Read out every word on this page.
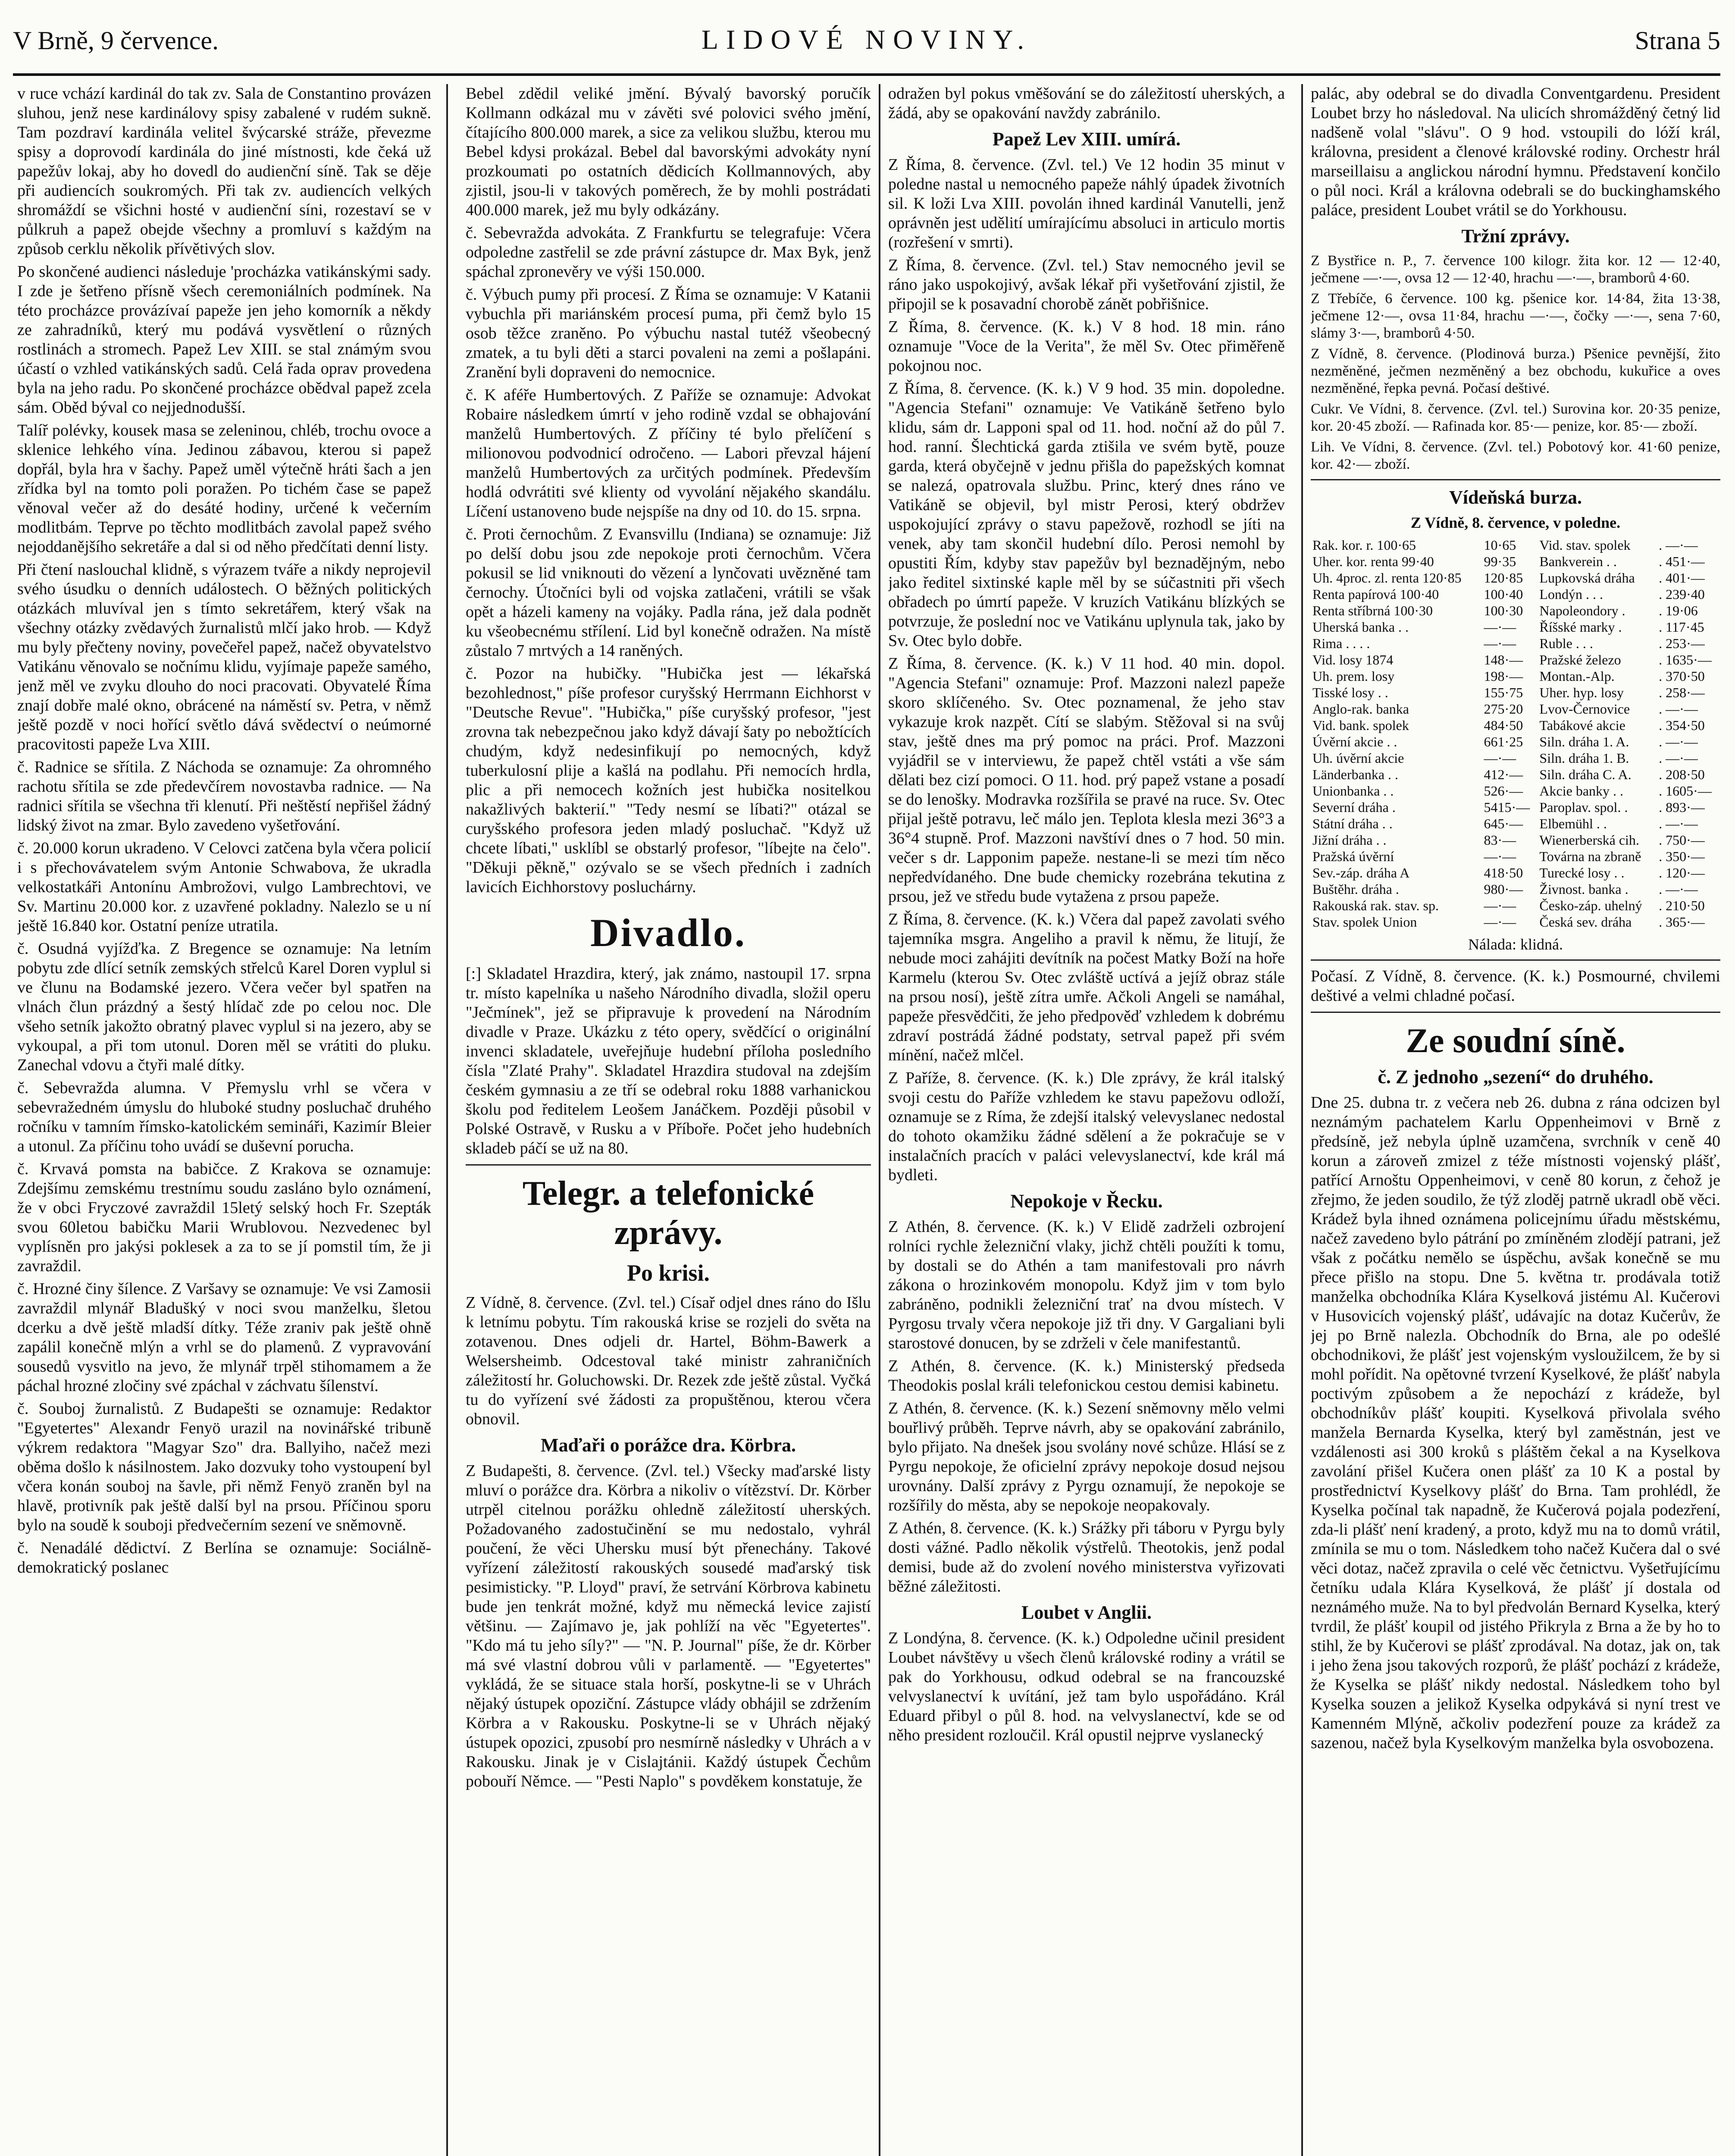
V Brně, 9 července.	LIDOVÉ NOVINY.	Strana 5

v ruce vchází kardinál do tak zv. Sala de Constantino provázen sluhou, jenž nese kardinálovy spisy zabalené v rudém sukně. Tam pozdraví kardinála velitel švýcarské stráže, převezme spisy a doprovodí kardinála do jiné místnosti, kde čeká už papežův lokaj, aby ho dovedl do audienční síně. Tak se děje při audiencích soukromých. Při tak zv. audiencích velkých shromáždí se všichni hosté v audienční síni, rozestaví se v půlkruh a papež obejde všechny a promluví s každým na způsob cerklu několik přívětivých slov.

Po skončené audienci následuje 'procházka vatikánskými sady. I zde je šetřeno přísně všech ceremoniálních podmínek. Na této procházce provázívaí papeže jen jeho komorník a někdy ze zahradníků, který mu podává vysvětlení o různých rostlinách a stromech. Papež Lev XIII. se stal známým svou účastí o vzhled vatikánských sadů. Celá řada oprav provedena byla na jeho radu. Po skončené procházce obědval papež zcela sám. Oběd býval co nejjednodušší.

Talíř polévky, kousek masa se zeleninou, chléb, trochu ovoce a sklenice lehkého vína. Jedinou zábavou, kterou si papež dopřál, byla hra v šachy. Papež uměl výtečně hráti šach a jen zřídka byl na tomto poli poražen. Po tichém čase se papež věnoval večer až do desáté hodiny, určené k večerním modlitbám. Teprve po těchto modlitbách zavolal papež svého nejoddanějšího sekretáře a dal si od něho předčítati denní listy.

Při čtení naslouchal klidně, s výrazem tváře a nikdy neprojevil svého úsudku o denních událostech. O běžných politických otázkách mluvíval jen s tímto sekretářem, který však na všechny otázky zvědavých žurnalistů mlčí jako hrob. — Když mu byly přečteny noviny, povečeřel papež, načež obyvatelstvo Vatikánu věnovalo se nočnímu klidu, vyjímaje papeže samého, jenž měl ve zvyku dlouho do noci pracovati. Obyvatelé Říma znají dobře malé okno, obrácené na náměstí sv. Petra, v němž ještě pozdě v noci hořící světlo dává svědectví o neúmorné pracovitosti papeže Lva XIII.

č. Radnice se sřítila. Z Náchoda se oznamuje: Za ohromného rachotu sřítila se zde předevčírem novostavba radnice. — Na radnici sřítila se všechna tři klenutí. Při neštěstí nepřišel žádný lidský život na zmar. Bylo zavedeno vyšetřování.

č. 20.000 korun ukradeno. V Celovci zatčena byla včera policií i s přechovávatelem svým Antonie Schwabova, že ukradla velkostatkáři Antonínu Ambrožovi, vulgo Lambrechtovi, ve Sv. Martinu 20.000 kor. z uzavřené pokladny. Nalezlo se u ní ještě 16.840 kor. Ostatní peníze utratila.

č. Osudná vyjížďka. Z Bregence se oznamuje: Na letním pobytu zde dlící setník zemských střelců Karel Doren vyplul si ve člunu na Bodamské jezero. Včera večer byl spatřen na vlnách člun prázdný a šestý hlídač zde po celou noc. Dle všeho setník jakožto obratný plavec vyplul si na jezero, aby se vykoupal, a při tom utonul. Doren měl se vrátiti do pluku. Zanechal vdovu a čtyři malé dítky.

č. Sebevražda alumna. V Přemyslu vrhl se včera v sebevražedném úmyslu do hluboké studny posluchač druhého ročníku v tamním římsko-katolickém semináři, Kazimír Bleier a utonul. Za příčinu toho uvádí se duševní porucha.

č. Krvavá pomsta na babičce. Z Krakova se oznamuje: Zdejšímu zemskému trestnímu soudu zasláno bylo oznámení, že v obci Fryczové zavraždil 15letý selský hoch Fr. Szepták svou 60letou babičku Marii Wrublovou. Nezvedenec byl vyplísněn pro jakýsi poklesek a za to se jí pomstil tím, že ji zavraždil.

č. Hrozné činy šílence. Z Varšavy se oznamuje: Ve vsi Zamosii zavraždil mlynář Bladušký v noci svou manželku, šletou dcerku a dvě ještě mladší dítky. Téže zraniv pak ještě ohně zapálil konečně mlýn a vrhl se do plamenů. Z vypravování sousedů vysvitlo na jevo, že mlynář trpěl stihomamem a že páchal hrozné zločiny své zpáchal v záchvatu šílenství.

č. Souboj žurnalistů. Z Budapešti se oznamuje: Redaktor "Egyetertes" Alexandr Fenyö urazil na novinářské tribuně výkrem redaktora "Magyar Szo" dra. Ballyiho, načež mezi oběma došlo k násilnostem. Jako dozvuky toho vystoupení byl včera konán souboj na šavle, při němž Fenyö zraněn byl na hlavě, protivník pak ještě další byl na prsou. Příčinou sporu bylo na soudě k souboji předvečerním sezení ve sněmovně.

č. Nenadálé dědictví. Z Berlína se oznamuje: Sociálně-demokratický poslanec

Bebel zdědil veliké jmění. Bývalý bavorský poručík Kollmann odkázal mu v závěti své polovici svého jmění, čítajícího 800.000 marek, a sice za velikou službu, kterou mu Bebel kdysi prokázal. Bebel dal bavorskými advokáty nyní prozkoumati po ostatních dědicích Kollmannových, aby zjistil, jsou-li v takových poměrech, že by mohli postrádati 400.000 marek, jež mu byly odkázány.

č. Sebevražda advokáta. Z Frankfurtu se telegrafuje: Včera odpoledne zastřelil se zde právní zástupce dr. Max Byk, jenž spáchal zpronevěry ve výši 150.000.

č. Výbuch pumy při procesí. Z Říma se oznamuje: V Katanii vybuchla při mariánském procesí puma, při čemž bylo 15 osob těžce zraněno. Po výbuchu nastal tutéž všeobecný zmatek, a tu byli děti a starci povaleni na zemi a pošlapáni. Zranění byli dopraveni do nemocnice.

č. K aféře Humbertových. Z Paříže se oznamuje: Advokat Robaire následkem úmrtí v jeho rodině vzdal se obhajování manželů Humbertových. Z příčiny té bylo přelíčení s milionovou podvodnicí odročeno. — Labori převzal hájení manželů Humbertových za určitých podmínek. Především hodlá odvrátiti své klienty od vyvolání nějakého skandálu. Líčení ustanoveno bude nejspíše na dny od 10. do 15. srpna.

č. Proti černochům. Z Evansvillu (Indiana) se oznamuje: Již po delší dobu jsou zde nepokoje proti černochům. Včera pokusil se lid vniknouti do vězení a lynčovati uvězněné tam černochy. Útočníci byli od vojska zatlačeni, vrátili se však opět a házeli kameny na vojáky. Padla rána, jež dala podnět ku všeobecnému střílení. Lid byl konečně odražen. Na místě zůstalo 7 mrtvých a 14 raněných.

č. Pozor na hubičky. "Hubička jest — lékařská bezohlednost," píše profesor curyšský Herrmann Eichhorst v "Deutsche Revue". "Hubička," píše curyšský profesor, "jest zrovna tak nebezpečnou jako když dávají šaty po nebožtících chudým, když nedesinfikují po nemocných, když tuberkulosní plije a kašlá na podlahu. Při nemocích hrdla, plic a při nemocech kožních jest hubička nositelkou nakažlivých bakterií." "Tedy nesmí se líbati?" otázal se curyšského profesora jeden mladý posluchač. "Když už chcete líbati," usklíbl se obstarlý profesor, "líbejte na čelo". "Děkuji pěkně," ozývalo se se všech předních i zadních lavicích Eichhorstovy posluchárny.

Divadlo.

[:] Skladatel Hrazdira, který, jak známo, nastoupil 17. srpna tr. místo kapelníka u našeho Národního divadla, složil operu "Ječmínek", jež se připravuje k provedení na Národním divadle v Praze. Ukázku z této opery, svědčící o originální invenci skladatele, uveřejňuje hudební příloha posledního čísla "Zlaté Prahy". Skladatel Hrazdira studoval na zdejším českém gymnasiu a ze tří se odebral roku 1888 varhanickou školu pod ředitelem Leošem Janáčkem. Později působil v Polské Ostravě, v Rusku a v Příboře. Počet jeho hudebních skladeb páčí se už na 80.

Telegr. a telefonické zprávy.
Po krisi.

Z Vídně, 8. července. (Zvl. tel.) Císař odjel dnes ráno do Išlu k letnímu pobytu. Tím rakouská krise se rozjeli do světa na zotavenou. Dnes odjeli dr. Hartel, Böhm-Bawerk a Welsersheimb. Odcestoval také ministr zahraničních záležitostí hr. Goluchowski. Dr. Rezek zde ještě zůstal. Vyčká tu do vyřízení své žádosti za propuštěnou, kterou včera obnovil.

Maďaři o porážce dra. Körbra.

Z Budapešti, 8. července. (Zvl. tel.) Všecky maďarské listy mluví o porážce dra. Körbra a nikoliv o vítězství. Dr. Körber utrpěl citelnou porážku ohledně záležitostí uherských. Požadovaného zadostučinění se mu nedostalo, vyhrál poučení, že věci Uhersku musí být přenechány. Takové vyřízení záležitostí rakouských sousedé maďarský tisk pesimisticky. "P. Lloyd" praví, že setrvání Körbrova kabinetu bude jen tenkrát možné, když mu německá levice zajistí většinu. — Zajímavo je, jak pohlíží na věc "Egyetertes". "Kdo má tu jeho síly?" — "N. P. Journal" píše, že dr. Körber má své vlastní dobrou vůli v parlamentě. — "Egyetertes" vykládá, že se situace stala horší, poskytne-li se v Uhrách nějaký ústupek opoziční. Zástupce vlády obhájil se zdržením Körbra a v Rakousku. Poskytne-li se v Uhrách nějaký ústupek opozici, zpusobí pro nesmírně následky v Uhrách a v Rakousku. Jinak je v Cislajtánii. Každý ústupek Čechům pobouří Němce. — "Pesti Naplo" s povděkem konstatuje, že

odražen byl pokus vměšování se do záležitostí uherských, a žádá, aby se opakování navždy zabránilo.

Papež Lev XIII. umírá.

Z Říma, 8. července. (Zvl. tel.) Ve 12 hodin 35 minut v poledne nastal u nemocného papeže náhlý úpadek životních sil. K loži Lva XIII. povolán ihned kardinál Vanutelli, jenž oprávněn jest udělití umírajícímu absoluci in articulo mortis (rozřešení v smrti).

Z Říma, 8. července. (Zvl. tel.) Stav nemocného jevil se ráno jako uspokojivý, avšak lékař při vyšetřování zjistil, že připojil se k posavadní chorobě zánět pobřišnice.

Z Říma, 8. července. (K. k.) V 8 hod. 18 min. ráno oznamuje "Voce de la Verita", že měl Sv. Otec přiměřeně pokojnou noc.

Z Říma, 8. července. (K. k.) V 9 hod. 35 min. dopoledne. "Agencia Stefani" oznamuje: Ve Vatikáně šetřeno bylo klidu, sám dr. Lapponi spal od 11. hod. noční až do půl 7. hod. ranní. Šlechtická garda ztišila ve svém bytě, pouze garda, která obyčejně v jednu přišla do papežských komnat se nalezá, opatrovala službu. Princ, který dnes ráno ve Vatikáně se objevil, byl mistr Perosi, který obdržev uspokojující zprávy o stavu papežově, rozhodl se jíti na venek, aby tam skončil hudební dílo. Perosi nemohl by opustiti Řím, kdyby stav papežův byl beznadějným, nebo jako ředitel sixtinské kaple měl by se súčastniti při všech obřadech po úmrtí papeže. V kruzích Vatikánu blízkých se potvrzuje, že poslední noc ve Vatikánu uplynula tak, jako by Sv. Otec bylo dobře.

Z Říma, 8. července. (K. k.) V 11 hod. 40 min. dopol. "Agencia Stefani" oznamuje: Prof. Mazzoni nalezl papeže skoro sklíčeného. Sv. Otec poznamenal, že jeho stav vykazuje krok nazpět. Cítí se slabým. Stěžoval si na svůj stav, ještě dnes ma prý pomoc na práci. Prof. Mazzoni vyjádřil se v interviewu, že papež chtěl vstáti a vše sám dělati bez cizí pomoci. O 11. hod. prý papež vstane a posadí se do lenošky. Modravka rozšířila se pravé na ruce. Sv. Otec přijal ještě potravu, leč málo jen. Teplota klesla mezi 36°3 a 36°4 stupně. Prof. Mazzoni navštíví dnes o 7 hod. 50 min. večer s dr. Lapponim papeže. nestane-li se mezi tím něco nepředvídaného. Dne bude chemicky rozebrána tekutina z prsou, jež ve středu bude vytažena z prsou papeže.

Z Říma, 8. července. (K. k.) Včera dal papež zavolati svého tajemníka msgra. Angeliho a pravil k němu, že litují, že nebude moci zahájiti devítník na počest Matky Boží na hoře Karmelu (kterou Sv. Otec zvláště uctívá a jejíž obraz stále na prsou nosí), ještě zítra umře. Ačkoli Angeli se namáhal, papeže přesvědčiti, že jeho předpověď vzhledem k dobrému zdraví postrádá žádné podstaty, setrval papež při svém mínění, načež mlčel.

Z Paříže, 8. července. (K. k.) Dle zprávy, že král italský svoji cestu do Paříže vzhledem ke stavu papežovu odloží, oznamuje se z Ríma, že zdejší italský velevyslanec nedostal do tohoto okamžiku žádné sdělení a že pokračuje se v instalačních pracích v paláci velevyslanectví, kde král má bydleti.

Nepokoje v Řecku.

Z Athén, 8. července. (K. k.) V Elidě zadrželi ozbrojení rolníci rychle železniční vlaky, jichž chtěli použíti k tomu, by dostali se do Athén a tam manifestovali pro návrh zákona o hrozinkovém monopolu. Když jim v tom bylo zabráněno, podnikli železniční trať na dvou místech. V Pyrgosu trvaly včera nepokoje již tři dny. V Gargaliani byli starostové donucen, by se zdrželi v čele manifestantů.

Z Athén, 8. července. (K. k.) Ministerský předseda Theodokis poslal králi telefonickou cestou demisi kabinetu.

Z Athén, 8. července. (K. k.) Sezení sněmovny mělo velmi bouřlivý průběh. Teprve návrh, aby se opakování zabránilo, bylo přijato. Na dnešek jsou svolány nové schůze. Hlásí se z Pyrgu nepokoje, že oficielní zprávy nepokoje dosud nejsou urovnány. Další zprávy z Pyrgu oznamují, že nepokoje se rozšířily do města, aby se nepokoje neopakovaly.

Z Athén, 8. července. (K. k.) Srážky při táboru v Pyrgu byly dosti vážné. Padlo několik výstřelů. Theotokis, jenž podal demisi, bude až do zvolení nového ministerstva vyřizovati běžné záležitosti.

Loubet v Anglii.

Z Londýna, 8. července. (K. k.) Odpoledne učinil president Loubet návštěvy u všech členů královské rodiny a vrátil se pak do Yorkhousu, odkud odebral se na francouzské velvyslanectví k uvítání, jež tam bylo uspořádáno. Král Eduard přibyl o půl 8. hod. na velvyslanectví, kde se od něho president rozloučil. Král opustil nejprve vyslanecký

palác, aby odebral se do divadla Conventgardenu. President Loubet brzy ho následoval. Na ulicích shromážděný četný lid nadšeně volal "slávu". O 9 hod. vstoupili do lóží král, královna, president a členové královské rodiny. Orchestr hrál marseillaisu a anglickou národní hymnu. Představení končilo o půl noci. Král a královna odebrali se do buckinghamského paláce, president Loubet vrátil se do Yorkhousu.

Tržní zprávy.

Z Bystřice n. P., 7. července 100 kilogr. žita kor. 12 — 12·40, ječmene —·—, ovsa 12 — 12·40, hrachu —·—, bramborů 4·60.

Z Třebíče, 6 července. 100 kg. pšenice kor. 14·84, žita 13·38, ječmene 12·—, ovsa 11·84, hrachu —·—, čočky —·—, sena 7·60, slámy 3·—, bramborů 4·50.

Z Vídně, 8. července. (Plodinová burza.) Pšenice pevnější, žito nezměněné, ječmen nezměněný a bez obchodu, kukuřice a oves nezměněné, řepka pevná. Počasí deštivé.

Cukr. Ve Vídni, 8. července. (Zvl. tel.) Surovina kor. 20·35 penize, kor. 20·45 zboží. — Rafinada kor. 85·— penize, kor. 85·— zboží.

Lih. Ve Vídni, 8. července. (Zvl. tel.) Pobotový kor. 41·60 penize, kor. 42·— zboží.

Vídeňská burza.
Z Vídně, 8. července, v poledne.
Rak. kor. r. 100·65	10·65	Vid. stav. spolek	. —·—
Uher. kor. renta 99·40	99·35	Bankverein . .	. 451·—
Uh. 4proc. zl. renta 120·85	120·85	Lupkovská dráha	. 401·—
Renta papírová 100·40	100·40	Londýn . . .	. 239·40
Renta stříbrná 100·30	100·30	Napoleondory .	. 19·06
Uherská banka . .	—·—	Říšské marky .	. 117·45
Rima . . . .	—·—	Ruble . . .	. 253·—
Vid. losy 1874	148·—	Pražské železo	. 1635·—
Uh. prem. losy	198·—	Montan.-Alp.	. 370·50
Tisské losy . .	155·75	Uher. hyp. losy	. 258·—
Anglo-rak. banka	275·20	Lvov-Černovice	. —·—
Vid. bank. spolek	484·50	Tabákové akcie	. 354·50
Úvěrní akcie . .	661·25	Siln. dráha 1. A.	. —·—
Uh. úvěrní akcie	—·—	Siln. dráha 1. B.	. —·—
Länderbanka . .	412·—	Siln. dráha C. A.	. 208·50
Unionbanka . .	526·—	Akcie banky . .	. 1605·—
Severní dráha .	5415·—	Paroplav. spol. .	. 893·—
Státní dráha . .	645·—	Elbemühl . .	. —·—
Jižní dráha . .	83·—	Wienerberská cih.	. 750·—
Pražská úvěrní	—·—	Továrna na zbraně	. 350·—
Sev.-záp. dráha A	418·50	Turecké losy . .	. 120·—
Buštěhr. dráha .	980·—	Živnost. banka .	. —·—
Rakouská rak. stav. sp.	—·—	Česko-záp. uhelný	. 210·50
Stav. spolek Union	—·—	Česká sev. dráha	. 365·—
Nálada: klidná.

Počasí. Z Vídně, 8. července. (K. k.) Posmourné, chvilemi deštivé a velmi chladné počasí.

Ze soudní síně.
č. Z jednoho „sezení“ do druhého.

Dne 25. dubna tr. z večera neb 26. dubna z rána odcizen byl neznámým pachatelem Karlu Oppenheimovi v Brně z předsíně, jež nebyla úplně uzamčena, svrchník v ceně 40 korun a zároveň zmizel z téže místnosti vojenský plášť, patřící Arnoštu Oppenheimovi, v ceně 80 korun, z čehož je zřejmo, že jeden soudilo, že týž zloděj patrně ukradl obě věci. Krádež byla ihned oznámena policejnímu úřadu městskému, načež zavedeno bylo pátrání po zmíněném zlodějí patrani, jež však z počátku nemělo se úspěchu, avšak konečně se mu přece přišlo na stopu. Dne 5. května tr. prodávala totiž manželka obchodníka Klára Kyselková jistému Al. Kučerovi v Husovicích vojenský plášť, udávajíc na dotaz Kučerův, že jej po Brně nalezla. Obchodník do Brna, ale po odešlé obchodnikovi, že plášť jest vojenským vysloužilcem, že by si mohl pořídit. Na opětovné tvrzení Kyselkové, že plášť nabyla poctivým způsobem a že nepochází z krádeže, byl obchodníkův plášť koupiti. Kyselková přivolala svého manžela Bernarda Kyselka, který byl zaměstnán, jest ve vzdálenosti asi 300 kroků s pláštěm čekal a na Kyselkova zavolání přišel Kučera onen plášť za 10 K a postal by prostřednictví Kyselkovy plášť do Brna. Tam prohlédl, že Kyselka počínal tak napadně, že Kučerová pojala podezření, zda-li plášť není kradený, a proto, když mu na to domů vrátil, zmínila se mu o tom. Následkem toho načež Kučera dal o své věci dotaz, načež zpravila o celé věc četnictvu. Vyšetřujícímu četníku udala Klára Kyselková, že plášť jí dostala od neznámého muže. Na to byl předvolán Bernard Kyselka, který tvrdil, že plášť koupil od jistého Přikryla z Brna a že by ho to stihl, že by Kučerovi se plášť zprodával. Na dotaz, jak on, tak i jeho žena jsou takových rozporů, že plášť pochází z krádeže, že Kyselka se plášť nikdy nedostal. Následkem toho byl Kyselka souzen a jelikož Kyselka odpykává si nyní trest ve Kamenném Mlýně, ačkoliv podezření pouze za krádež za sazenou, načež byla Kyselkovým manželka byla osvobozena.
